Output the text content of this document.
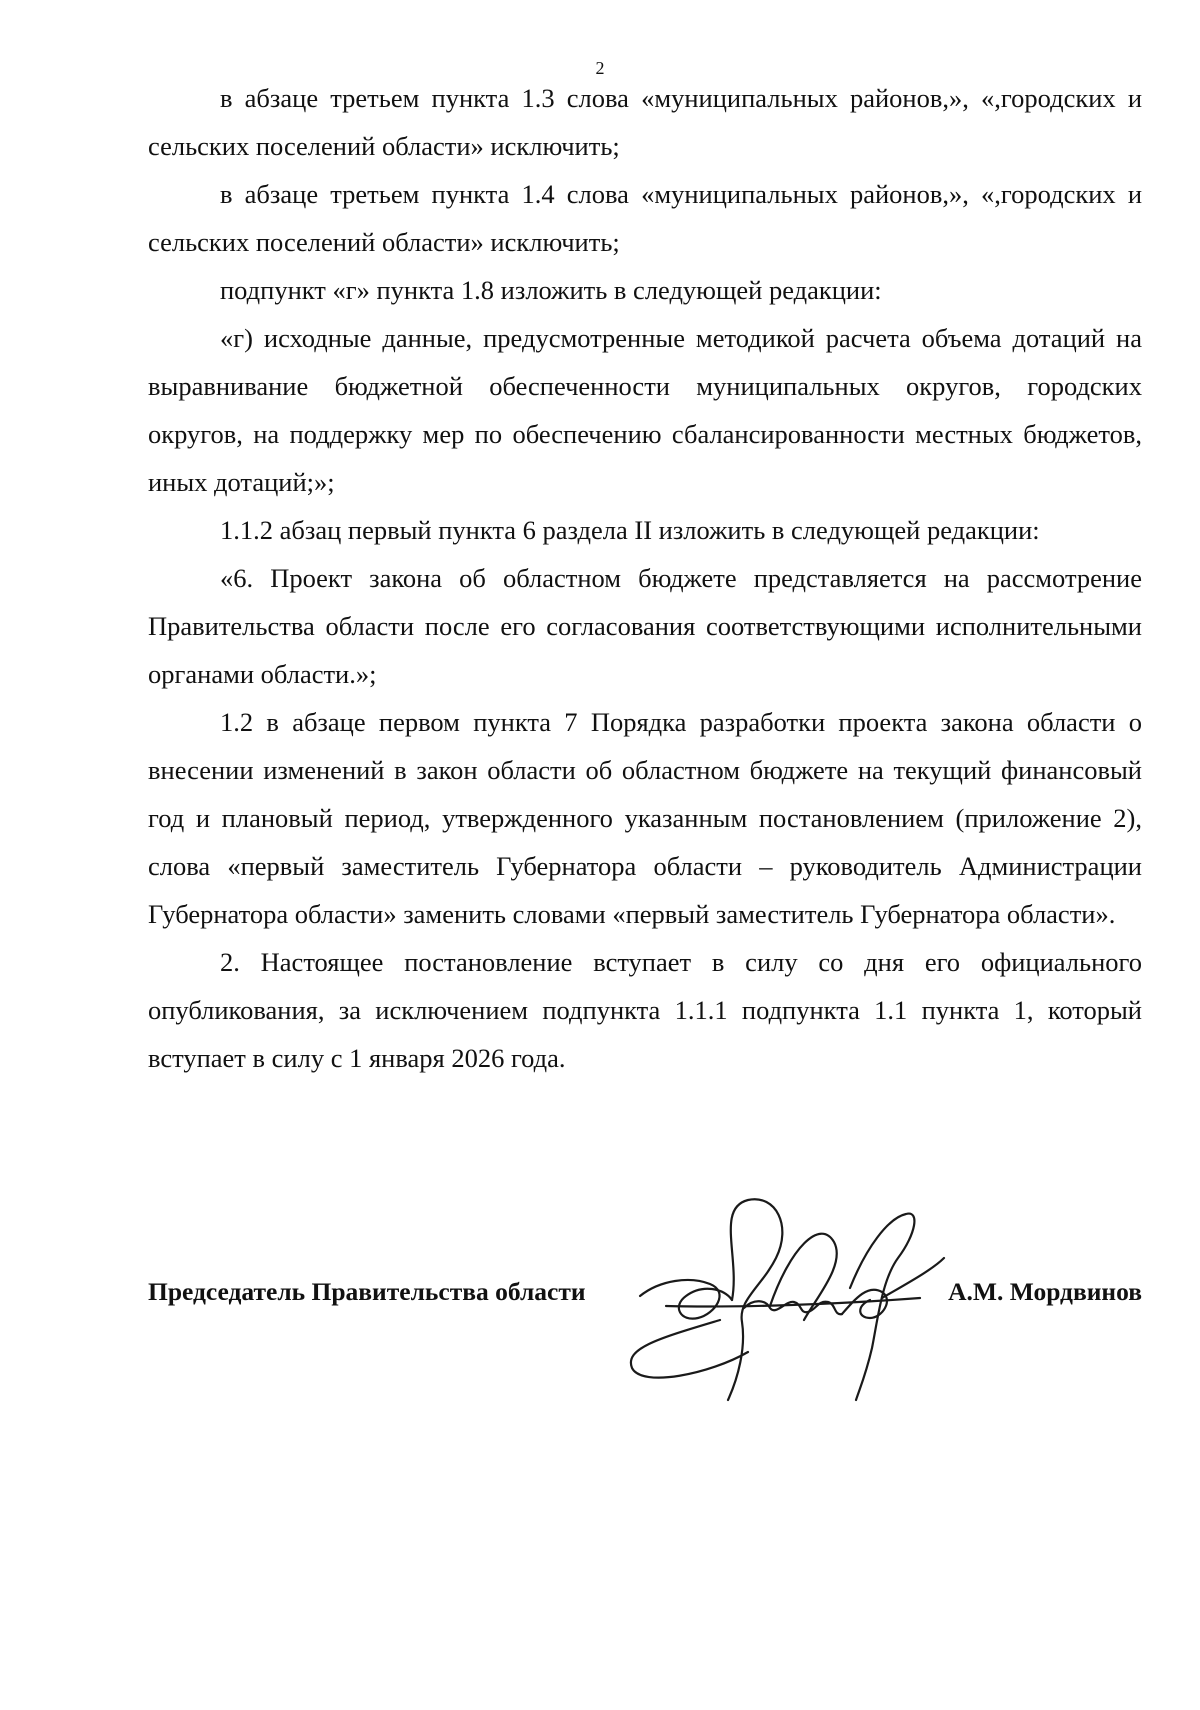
2

в абзаце третьем пункта 1.3 слова «муниципальных районов,», «,городских и сельских поселений области» исключить;

в абзаце третьем пункта 1.4 слова «муниципальных районов,», «,городских и сельских поселений области» исключить;

подпункт «г» пункта 1.8 изложить в следующей редакции:

«г) исходные данные, предусмотренные методикой расчета объема дотаций на выравнивание бюджетной обеспеченности муниципальных округов, городских округов, на поддержку мер по обеспечению сбалансированности местных бюджетов, иных дотаций;»;

1.1.2 абзац первый пункта 6 раздела II изложить в следующей редакции:

«6. Проект закона об областном бюджете представляется на рассмотрение Правительства области после его согласования соответствующими исполнительными органами области.»;

1.2 в абзаце первом пункта 7 Порядка разработки проекта закона области о внесении изменений в закон области об областном бюджете на текущий финансовый год и плановый период, утвержденного указанным постановлением (приложение 2), слова «первый заместитель Губернатора области – руководитель Администрации Губернатора области» заменить словами «первый заместитель Губернатора области».

2. Настоящее постановление вступает в силу со дня его официального опубликования, за исключением подпункта 1.1.1 подпункта 1.1 пункта 1, который вступает в силу с 1 января 2026 года.

Председатель Правительства области	А.М. Мордвинов
